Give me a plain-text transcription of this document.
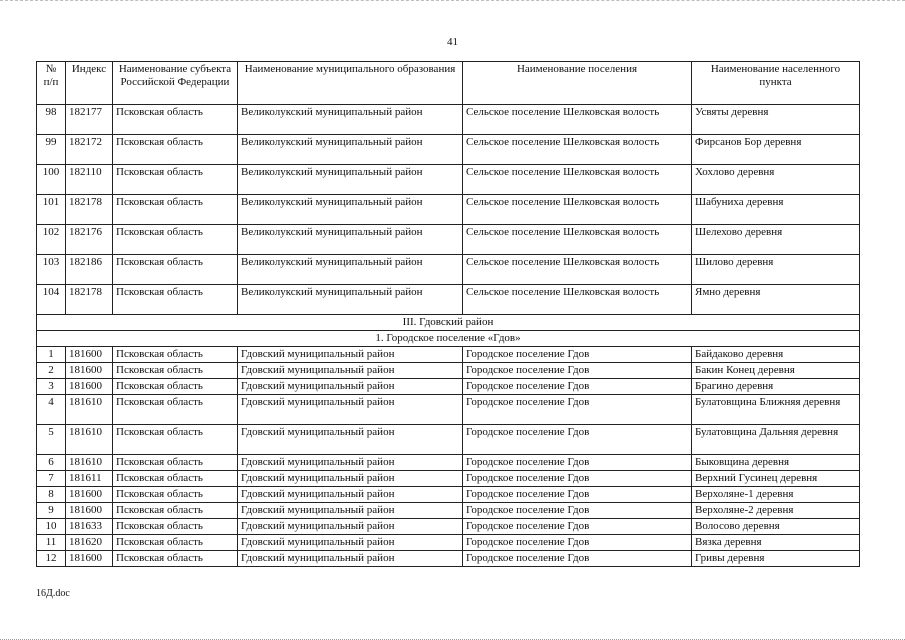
41
№ п/п	Индекс	Наименование субъекта Российской Федерации	Наименование муниципального образования	Наименование поселения	Наименование населенного пункта
98	182177	Псковская область	Великолукский муниципальный район	Сельское поселение Шелковская волость	Усвяты деревня
99	182172	Псковская область	Великолукский муниципальный район	Сельское поселение Шелковская волость	Фирсанов Бор деревня
100	182110	Псковская область	Великолукский муниципальный район	Сельское поселение Шелковская волость	Хохлово деревня
101	182178	Псковская область	Великолукский муниципальный район	Сельское поселение Шелковская волость	Шабуниха деревня
102	182176	Псковская область	Великолукский муниципальный район	Сельское поселение Шелковская волость	Шелехово деревня
103	182186	Псковская область	Великолукский муниципальный район	Сельское поселение Шелковская волость	Шилово деревня
104	182178	Псковская область	Великолукский муниципальный район	Сельское поселение Шелковская волость	Ямно деревня
III. Гдовский район					
1. Городское поселение «Гдов»					
1	181600	Псковская область	Гдовский муниципальный район	Городское поселение Гдов	Байдаково деревня
2	181600	Псковская область	Гдовский муниципальный район	Городское поселение Гдов	Бакин Конец деревня
3	181600	Псковская область	Гдовский муниципальный район	Городское поселение Гдов	Брагино деревня
4	181610	Псковская область	Гдовский муниципальный район	Городское поселение Гдов	Булатовщина Ближняя деревня
5	181610	Псковская область	Гдовский муниципальный район	Городское поселение Гдов	Булатовщина Дальняя деревня
6	181610	Псковская область	Гдовский муниципальный район	Городское поселение Гдов	Быковщина деревня
7	181611	Псковская область	Гдовский муниципальный район	Городское поселение Гдов	Верхний Гусинец деревня
8	181600	Псковская область	Гдовский муниципальный район	Городское поселение Гдов	Верхоляне-1 деревня
9	181600	Псковская область	Гдовский муниципальный район	Городское поселение Гдов	Верхоляне-2 деревня
10	181633	Псковская область	Гдовский муниципальный район	Городское поселение Гдов	Волосово деревня
11	181620	Псковская область	Гдовский муниципальный район	Городское поселение Гдов	Вязка деревня
12	181600	Псковская область	Гдовский муниципальный район	Городское поселение Гдов	Гривы деревня
16Д.doc
